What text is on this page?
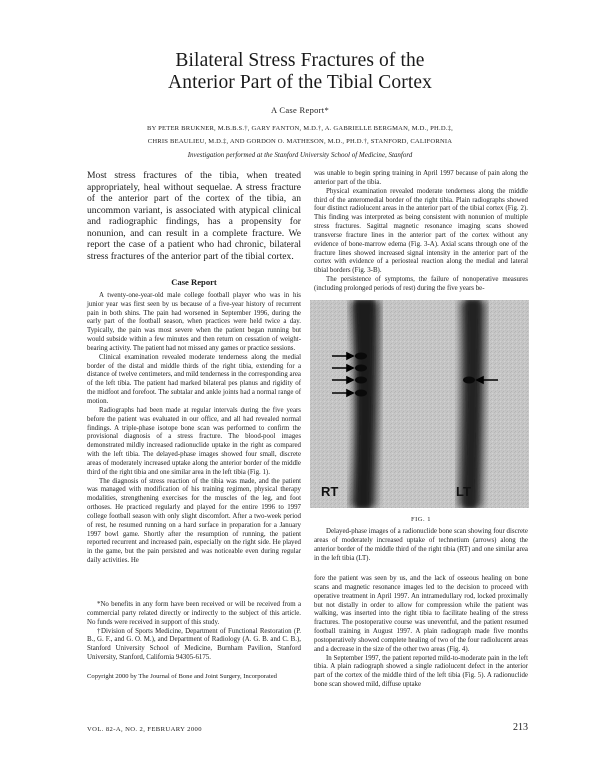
Bilateral Stress Fractures of the
Anterior Part of the Tibial Cortex
A Case Report*
BY PETER BRUKNER, M.B.B.S.†, GARY FANTON, M.D.†, A. GABRIELLE BERGMAN, M.D., PH.D.‡,
CHRIS BEAULIEU, M.D.‡, AND GORDON O. MATHESON, M.D., PH.D.†, STANFORD, CALIFORNIA
Investigation performed at the Stanford University School of Medicine, Stanford
Most stress fractures of the tibia, when treated appropriately, heal without sequelae. A stress fracture of the anterior part of the cortex of the tibia, an uncommon variant, is associated with atypical clinical and radiographic findings, has a propensity for nonunion, and can result in a complete fracture. We report the case of a patient who had chronic, bilateral stress fractures of the anterior part of the tibial cortex.
Case Report

A twenty-one-year-old male college football player who was in his junior year was first seen by us because of a five-year history of recurrent pain in both shins. The pain had worsened in September 1996, during the early part of the football season, when practices were held twice a day. Typically, the pain was most severe when the patient began running but would subside within a few minutes and then return on cessation of weight-bearing activity. The patient had not missed any games or practice sessions.

Clinical examination revealed moderate tenderness along the medial border of the distal and middle thirds of the right tibia, extending for a distance of twelve centimeters, and mild tenderness in the corresponding area of the left tibia. The patient had marked bilateral pes planus and rigidity of the midfoot and forefoot. The subtalar and ankle joints had a normal range of motion.

Radiographs had been made at regular intervals during the five years before the patient was evaluated in our office, and all had revealed normal findings. A triple-phase isotope bone scan was performed to confirm the provisional diagnosis of a stress fracture. The blood-pool images demonstrated mildly increased radionuclide uptake in the right as compared with the left tibia. The delayed-phase images showed four small, discrete areas of moderately increased uptake along the anterior border of the middle third of the right tibia and one similar area in the left tibia (Fig. 1).

The diagnosis of stress reaction of the tibia was made, and the patient was managed with modification of his training regimen, physical therapy modalities, strengthening exercises for the muscles of the leg, and foot orthoses. He practiced regularly and played for the entire 1996 to 1997 college football season with only slight discomfort. After a two-week period of rest, he resumed running on a hard surface in preparation for a January 1997 bowl game. Shortly after the resumption of running, the patient reported recurrent and increased pain, especially on the right side. He played in the game, but the pain persisted and was noticeable even during regular daily activities. He

*No benefits in any form have been received or will be received from a commercial party related directly or indirectly to the subject of this article. No funds were received in support of this study.

†Division of Sports Medicine, Department of Functional Restoration (P. B., G. F., and G. O. M.), and Department of Radiology (A. G. B. and C. B.), Stanford University School of Medicine, Burnham Pavilion, Stanford University, Stanford, California 94305-6175.

Copyright 2000 by The Journal of Bone and Joint Surgery, Incorporated

was unable to begin spring training in April 1997 because of pain along the anterior part of the tibia.

Physical examination revealed moderate tenderness along the middle third of the anteromedial border of the right tibia. Plain radiographs showed four distinct radiolucent areas in the anterior part of the tibial cortex (Fig. 2). This finding was interpreted as being consistent with nonunion of multiple stress fractures. Sagittal magnetic resonance imaging scans showed transverse fracture lines in the anterior part of the cortex without any evidence of bone-marrow edema (Fig. 3-A). Axial scans through one of the fracture lines showed increased signal intensity in the anterior part of the cortex with evidence of a periosteal reaction along the medial and lateral tibial borders (Fig. 3-B).

The persistence of symptoms, the failure of nonoperative measures (including prolonged periods of rest) during the five years be-

RT	LT
FIG. 1

Delayed-phase images of a radionuclide bone scan showing four discrete areas of moderately increased uptake of technetium (arrows) along the anterior border of the middle third of the right tibia (RT) and one similar area in the left tibia (LT).

fore the patient was seen by us, and the lack of osseous healing on bone scans and magnetic resonance images led to the decision to proceed with operative treatment in April 1997. An intramedullary rod, locked proximally but not distally in order to allow for compression while the patient was walking, was inserted into the right tibia to facilitate healing of the stress fractures. The postoperative course was uneventful, and the patient resumed football training in August 1997. A plain radiograph made five months postoperatively showed complete healing of two of the four radiolucent areas and a decrease in the size of the other two areas (Fig. 4).

In September 1997, the patient reported mild-to-moderate pain in the left tibia. A plain radiograph showed a single radiolucent defect in the anterior part of the cortex of the middle third of the left tibia (Fig. 5). A radionuclide bone scan showed mild, diffuse uptake

VOL. 82-A, NO. 2, FEBRUARY 2000	213
